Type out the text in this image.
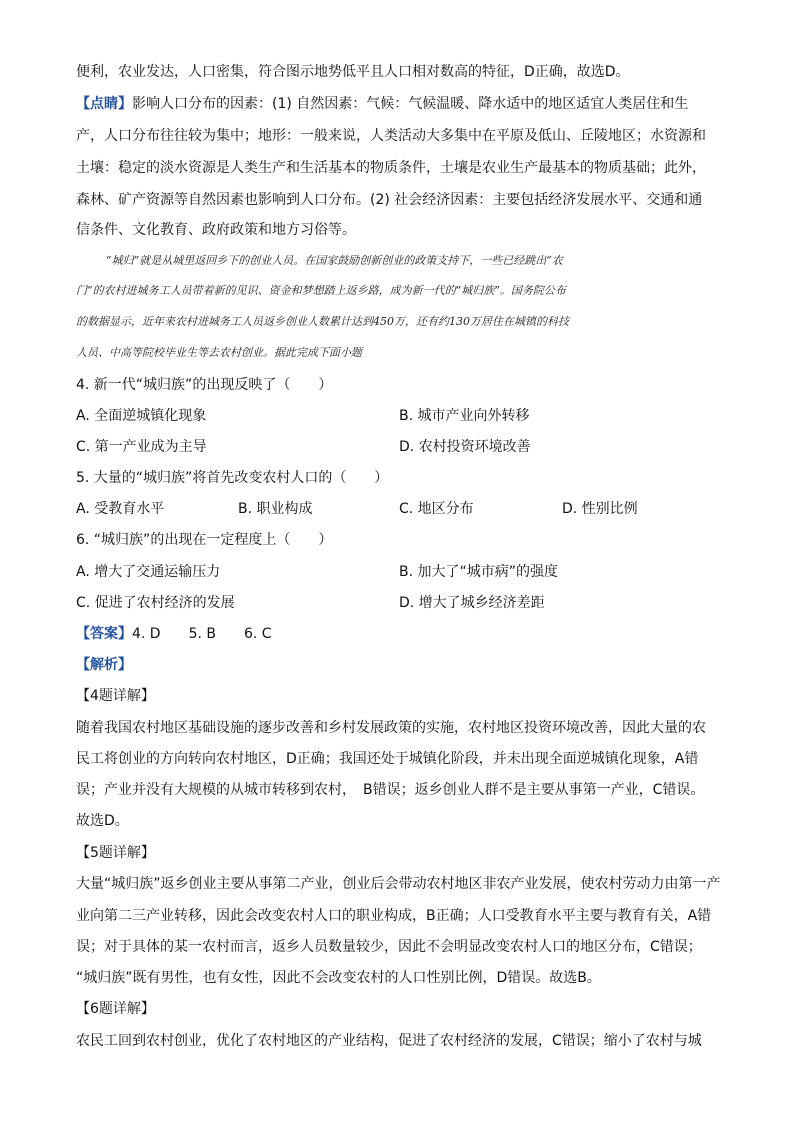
便利，农业发达，人口密集，符合图示地势低平且人口相对数高的特征，D正确，故选D。
【点睛】影响人口分布的因素：(1) 自然因素：气候：气候温暖、降水适中的地区适宜人类居住和生
产，人口分布往往较为集中；地形：一般来说，人类活动大多集中在平原及低山、丘陵地区；水资源和
土壤：稳定的淡水资源是人类生产和生活基本的物质条件，土壤是农业生产最基本的物质基础；此外，
森林、矿产资源等自然因素也影响到人口分布。(2) 社会经济因素：主要包括经济发展水平、交通和通
信条件、文化教育、政府政策和地方习俗等。
“城归”就是从城里返回乡下的创业人员。在国家鼓励创新创业的政策支持下，一些已经跳出“农
门”的农村进城务工人员带着新的见识、资金和梦想踏上返乡路，成为新一代的“城归族”。国务院公布
的数据显示，近年来农村进城务工人员返乡创业人数累计达到450万，还有约130万居住在城镇的科技
人员、中高等院校毕业生等去农村创业。据此完成下面小题
4. 新一代“城归族”的出现反映了（　　）
A. 全面逆城镇化现象	B. 城市产业向外转移
C. 第一产业成为主导	D. 农村投资环境改善
5. 大量的“城归族”将首先改变农村人口的（　　）
A. 受教育水平	B. 职业构成	C. 地区分布	D. 性别比例
6. “城归族”的出现在一定程度上（　　）
A. 增大了交通运输压力	B. 加大了“城市病”的强度
C. 促进了农村经济的发展	D. 增大了城乡经济差距
【答案】4. D　　5. B　　6. C
【解析】
【4题详解】
随着我国农村地区基础设施的逐步改善和乡村发展政策的实施，农村地区投资环境改善，因此大量的农
民工将创业的方向转向农村地区，D正确；我国还处于城镇化阶段，并未出现全面逆城镇化现象，A错
误；产业并没有大规模的从城市转移到农村，　B错误；返乡创业人群不是主要从事第一产业，C错误。
故选D。
【5题详解】
大量“城归族”返乡创业主要从事第二产业，创业后会带动农村地区非农产业发展，使农村劳动力由第一产
业向第二三产业转移，因此会改变农村人口的职业构成，B正确；人口受教育水平主要与教育有关，A错
误；对于具体的某一农村而言，返乡人员数量较少，因此不会明显改变农村人口的地区分布，C错误；
“城归族”既有男性，也有女性，因此不会改变农村的人口性别比例，D错误。故选B。
【6题详解】
农民工回到农村创业，优化了农村地区的产业结构，促进了农村经济的发展，C错误；缩小了农村与城
